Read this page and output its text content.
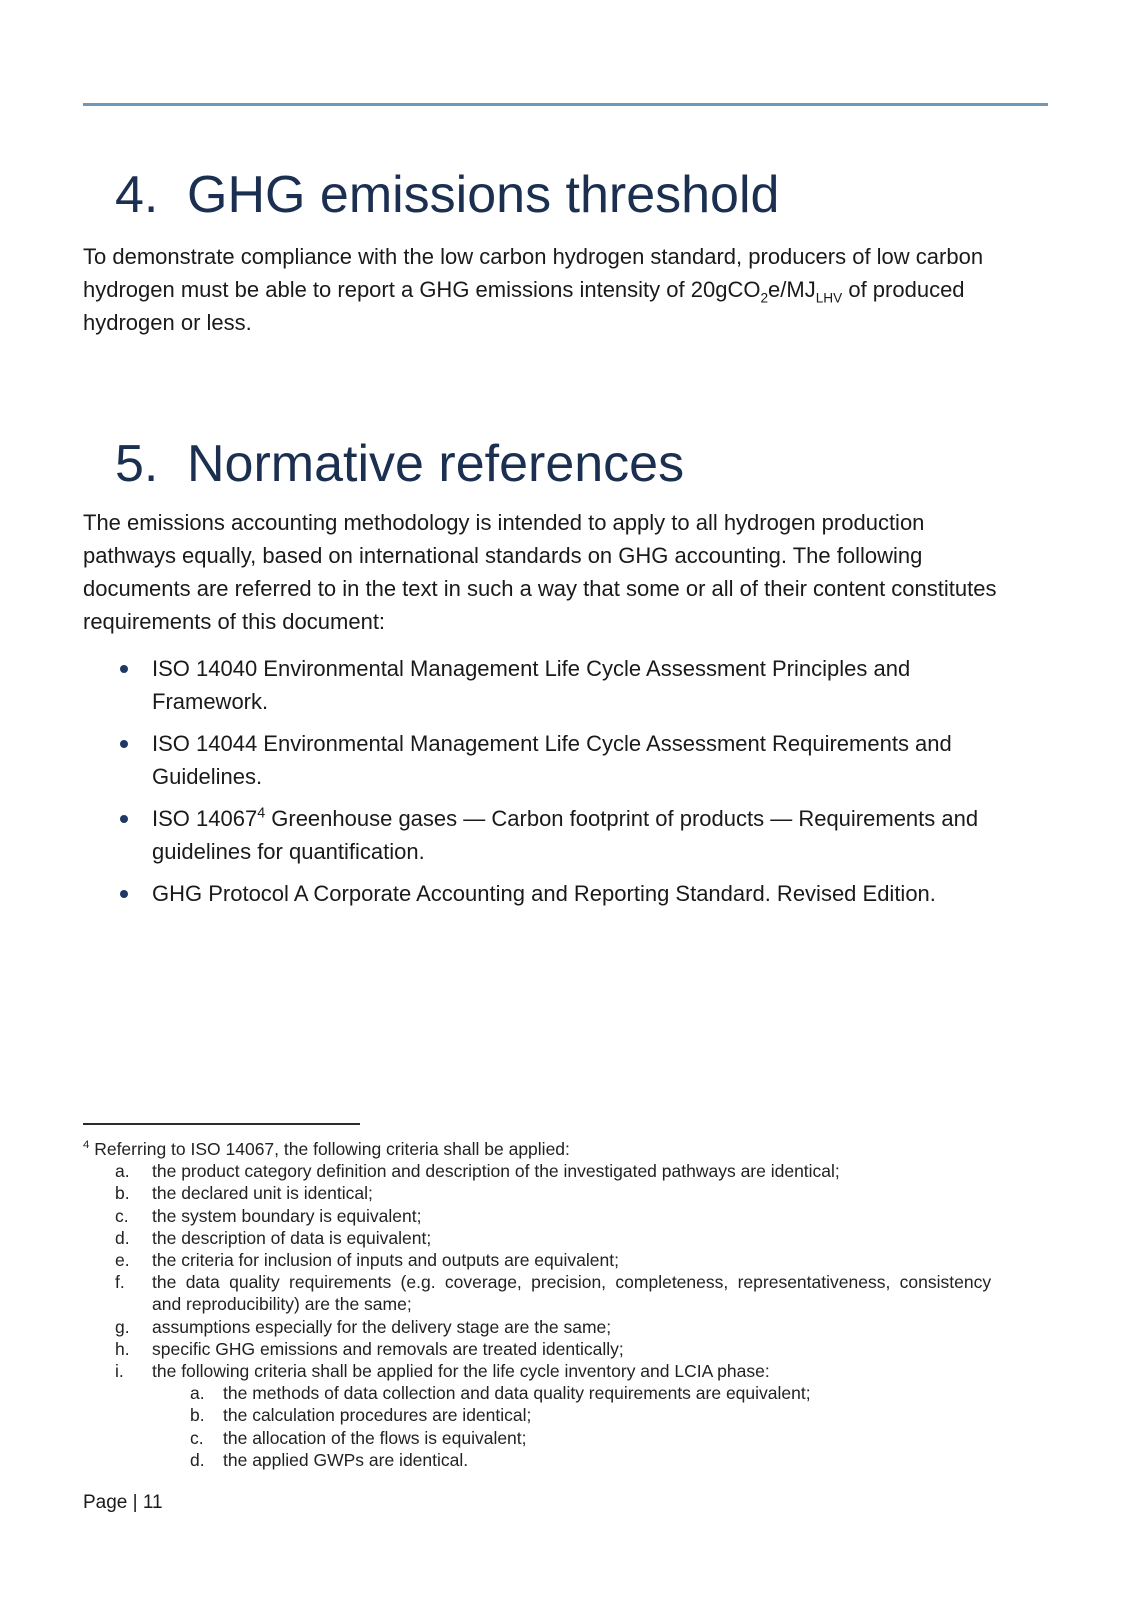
4. GHG emissions threshold

To demonstrate compliance with the low carbon hydrogen standard, producers of low carbon
hydrogen must be able to report a GHG emissions intensity of $20gCO_2e/MJ_{LHV}$ of produced
hydrogen or less.

5. Normative references

The emissions accounting methodology is intended to apply to all hydrogen production
pathways equally, based on international standards on GHG accounting. The following
documents are referred to in the text in such a way that some or all of their content constitutes
requirements of this document:

ISO 14040 Environmental Management Life Cycle Assessment Principles and
Framework.
ISO 14044 Environmental Management Life Cycle Assessment Requirements and
Guidelines.
ISO 14067$^4$ Greenhouse gases — Carbon footprint of products — Requirements and
guidelines for quantification.
GHG Protocol A Corporate Accounting and Reporting Standard. Revised Edition.

$^4$ Referring to ISO 14067, the following criteria shall be applied:

a.	the product category definition and description of the investigated pathways are identical;
b.	the declared unit is identical;
c.	the system boundary is equivalent;
d.	the description of data is equivalent;
e.	the criteria for inclusion of inputs and outputs are equivalent;
f.	the data quality requirements (e.g. coverage, precision, completeness, representativeness, consistency
and reproducibility) are the same;
g.	assumptions especially for the delivery stage are the same;
h.	specific GHG emissions and removals are treated identically;
i.	the following criteria shall be applied for the life cycle inventory and LCIA phase:
a.	the methods of data collection and data quality requirements are equivalent;
b.	the calculation procedures are identical;
c.	the allocation of the flows is equivalent;
d.	the applied GWPs are identical.
Page | 11
